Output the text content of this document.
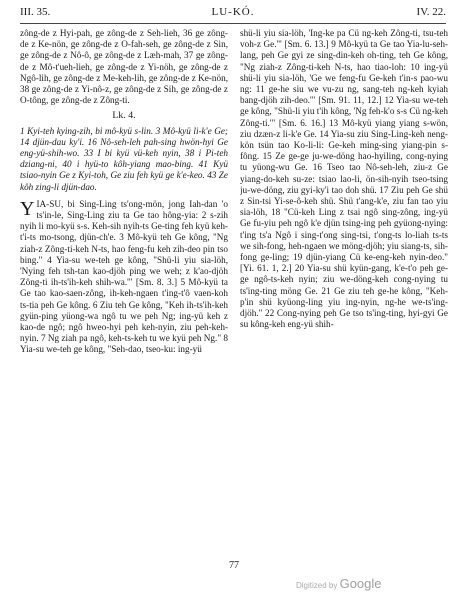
III. 35.	LU-KÓ.	IV. 22.

zông-de z Hyi-pah, ge zông-de z Seh-lieh, 36 ge zông-de z Ke-nön, ge zông-de z O-fah-seh, ge zông-de z Sin, ge zông-de z Nô-ô, ge zông-de z Læh-mah, 37 ge zông-de z Mô-t'ueh-lieh, ge zông-de z Yi-nöh, ge zông-de z Ngô-lih, ge zông-de z Me-keh-lih, ge zông-de z Ke-nön, 38 ge zông-de z Yi-nô-z, ge zông-de z Sih, ge zông-de z O-tông, ge zông-de z Zông-ti.

Lk. 4.

1 Kyi-teh kying-zih, bi mô-kyü s-lin. 3 Mô-kyü li-k'e Ge; 14 djün-dau ky'i. 16 Nô-seh-leh pah-sing hwön-hyi Ge eng-yü-shih-wo. 33 I bi kyü vü-keh nyin, 38 i Pi-teh dziang-ni, 40 i hyü-to kôh-yiang mao-bing. 41 Kyü tsiao-nyin Ge z Kyi-toh, Ge ziu feh kyü ge k'e-keo. 43 Ze kôh zing-li djün-dao.

Y IA-SU, bi Sing-Ling ts'ong-mön, jong Iah-dan 'o ts'in-le, Sing-Ling ziu ta Ge tao hông-yia: 2 s-zih nyih li mo-kyü s-s. Keh-sih nyih-ts Ge-ting feh kyü keh-t'i-ts mo-tsong, djün-ch'e. 3 Mô-kyü teh Ge kông, "Ng ziah-z Zông-ti-keh N-ts, hao feng-fu keh zih-deo pin tso bing." 4 Yia-su we-teh ge kông, "Shü-li yiu sia-löh, 'Nying feh tsh-tan kao-djöh ping we weh; z k'ao-djöh Zông-ti ih-ts'ih-keh shih-wa.'" [Sm. 8. 3.] 5 Mô-kyü ta Ge tao kao-saen-zông, ih-keh-ngaen t'ing-t'ô vaen-koh ts-tia peh Ge kông. 6 Ziu teh Ge kông, "Keh ih-ts'ih-keh gyün-ping yüong-wa ngô tu we peh Ng; ing-yü keh z kao-de ngô; ngô hweo-hyi peh keh-nyin, ziu peh-keh-nyin. 7 Ng ziah pa ngô, keh-ts-keh tu we kyü peh Ng." 8 Yia-su we-teh ge kông, "Seh-dao, tseo-ku: ing-yü

shü-li yiu sia-löh, 'Ing-ke pa Cü ng-keh Zông-ti, tsu-teh voh-z Ge.'" [Sm. 6. 13.] 9 Mô-kyü ta Ge tao Yia-lu-seh-lang, peh Ge gyi ze sing-din-keh oh-ting, teh Ge kông, "Ng ziah-z Zông-ti-keh N-ts, hao tiao-loh: 10 ing-yü shü-li yiu sia-löh, 'Ge we feng-fu Ge-keh t'in-s pao-wu ng: 11 ge-he siu we vu-zu ng, sang-teh ng-keh kyiah bang-djöh zih-deo.'" [Sm. 91. 11, 12.] 12 Yia-su we-teh ge kông, "Shü-li yiu t'ih kông, 'Ng feh-k'o s-s Cü ng-keh Zông-ti.'" [Sm. 6. 16.] 13 Mô-kyü yiang yiang s-wön, ziu dzæn-z li-k'e Ge. 14 Yia-su ziu Sing-Ling-keh neng-kön tsün tao Ko-li-li: Ge-keh ming-sing yiang-pin s-fông. 15 Ze ge-ge ju-we-döng hao-hyiling, cong-nying tu yüong-wu Ge. 16 Tseo tao Nô-seh-leh, ziu-z Ge yiang-do-keh su-ze: tsiao lao-li, ön-sih-nyih tseo-tsing ju-we-döng, ziu gyi-ky'i tao doh shü. 17 Ziu peh Ge shü z Sin-tsi Yi-se-ô-keh shü. Shü t'ang-k'e, ziu fan tao yiu sia-löh, 18 "Cü-keh Ling z tsai ngô sing-zông, ing-yü Ge fu-yiu peh ngô k'e djün tsing-ing peh gyüong-nying: t'ing ts'a Ngô i sing-t'ong sing-tsi, t'ong-ts lo-liah ts-ts we sih-fong, heh-ngaen we möng-djöh; yiu siang-ts, sih-fong ge-ling; 19 djün-yiang Cü ke-eng-keh nyin-deo." [Yi. 61. 1, 2.] 20 Yia-su shü kyün-gang, k'e-t'o peh ge-ge ngô-ts-keh nyin; ziu we-döng-keh cong-nying tu ts'ing-ting möng Ge. 21 Ge ziu teh ge-he kông, "Keh-p'in shü kyüong-ling yiu ing-nyin, ng-he we-ts'ing-djöh." 22 Cong-nying peh Ge tso ts'ing-ting, hyi-gyi Ge su kông-keh eng-yü shih-

77
Digitized by Google
